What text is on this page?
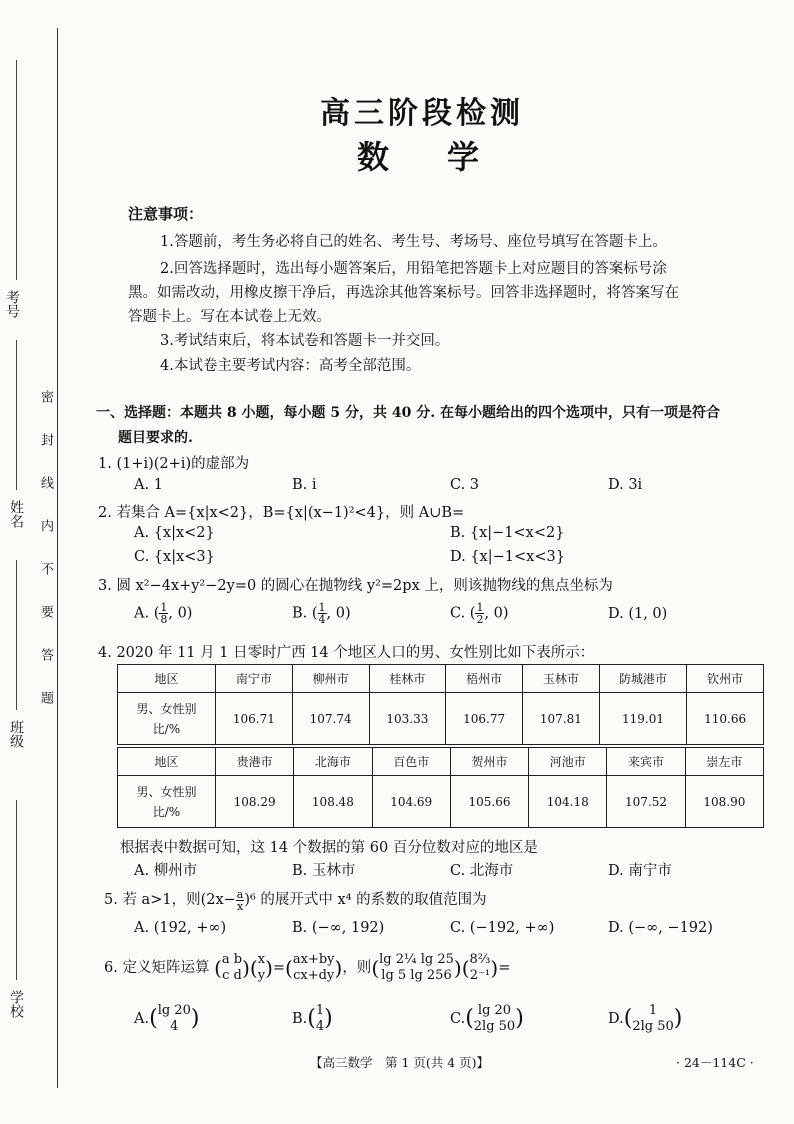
考号
姓名
班级
学校
密封线内不要答题
高三阶段检测
数学
注意事项：
1.答题前，考生务必将自己的姓名、考生号、考场号、座位号填写在答题卡上。
2.回答选择题时，选出每小题答案后，用铅笔把答题卡上对应题目的答案标号涂
黑。如需改动，用橡皮擦干净后，再选涂其他答案标号。回答非选择题时，将答案写在
答题卡上。写在本试卷上无效。
3.考试结束后，将本试卷和答题卡一并交回。
4.本试卷主要考试内容：高考全部范围。
一、选择题：本题共 8 小题，每小题 5 分，共 40 分. 在每小题给出的四个选项中，只有一项是符合
题目要求的.
1. (1+i)(2+i)的虚部为
A. 1	B. i	C. 3	D. 3i
2. 若集合 A={x|x<2}，B={x|(x−1)²<4}，则 A∪B=
A. {x|x<2}	B. {x|−1<x<2}
C. {x|x<3}	D. {x|−1<x<3}
3. 圆 x²−4x+y²−2y=0 的圆心在抛物线 y²=2px 上，则该抛物线的焦点坐标为
A. ( $\frac{1}{8}$ , 0)	B. ( $\frac{1}{4}$ , 0)	C. ( $\frac{1}{2}$ , 0)	D. (1, 0)
4. 2020 年 11 月 1 日零时广西 14 个地区人口的男、女性别比如下表所示：
地区	南宁市	柳州市	桂林市	梧州市	玉林市	防城港市	钦州市
男、女性别比/%	106.71	107.74	103.33	106.77	107.81	119.01	110.66
地区	贵港市	北海市	百色市	贺州市	河池市	来宾市	崇左市
男、女性别比/%	108.29	108.48	104.69	105.66	104.18	107.52	108.90
根据表中数据可知，这 14 个数据的第 60 百分位数对应的地区是
A. 柳州市	B. 玉林市	C. 北海市	D. 南宁市
5. 若 a>1，则$(2x- \frac{a}{x} )^6$ 的展开式中 x⁴ 的系数的取值范围为
A. (192, +∞)	B. (−∞, 192)	C. (−192, +∞)	D. (−∞, −192)
6. 定义矩阵运算 ( a b
c d )( x
y )=( ax+by
cx+dy )，则( lg 2¼ lg 25
lg 5 lg 256 )( 8⅔
2⁻¹ )=
A.( lg 20
4 )	B.( 1
4 )	C.( lg 20
2lg 50 )	D.(	1
2lg 50 )
【高三数学　第 1 页(共 4 页)】	· 24－114C ·
